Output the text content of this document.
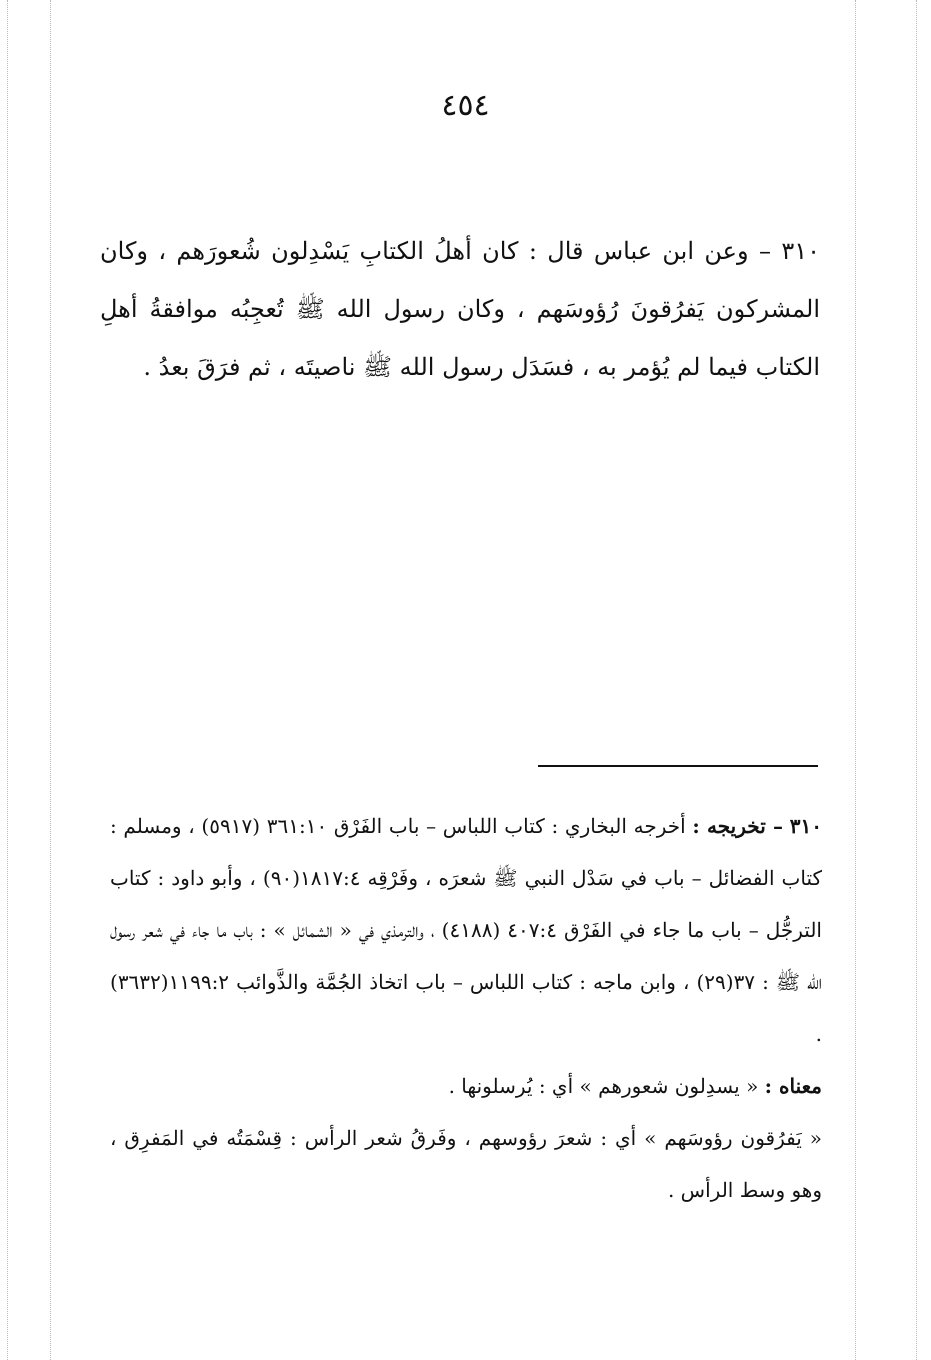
٤٥٤

٣١٠ – وعن ابن عباس قال : كان أهلُ الكتابِ يَسْدِلون شُعورَهم ، وكان المشركون يَفرُقونَ رُؤوسَهم ، وكان رسول الله ﷺ تُعجِبُه موافقةُ أهلِ الكتاب فيما لم يُؤمر به ، فسَدَل رسول الله ﷺ ناصيتَه ، ثم فرَقَ بعدُ .

٣١٠ – تخريجه : أخرجه البخاري : كتاب اللباس – باب الفَرْق ٣٦١:١٠ (٥٩١٧) ، ومسلم : كتاب الفضائل – باب في سَدْل النبي ﷺ شعرَه ، وفَرْقِه ١٨١٧:٤(٩٠) ، وأبو داود : كتاب الترجُّل – باب ما جاء في الفَرْق ٤٠٧:٤ (٤١٨٨) ، والترمذي في « الشمائل » : باب ما جاء في شعر رسول الله ﷺ : ٣٧(٢٩) ، وابن ماجه : كتاب اللباس – باب اتخاذ الجُمَّة والذَّوائب ١١٩٩:٢(٣٦٣٢) .

معناه : « يسدِلون شعورهم » أي : يُرسلونها .

« يَفرُقون رؤوسَهم » أي : شعرَ رؤوسهم ، وفَرقُ شعر الرأس : قِسْمَتُه في المَفرِق ، وهو وسط الرأس .
